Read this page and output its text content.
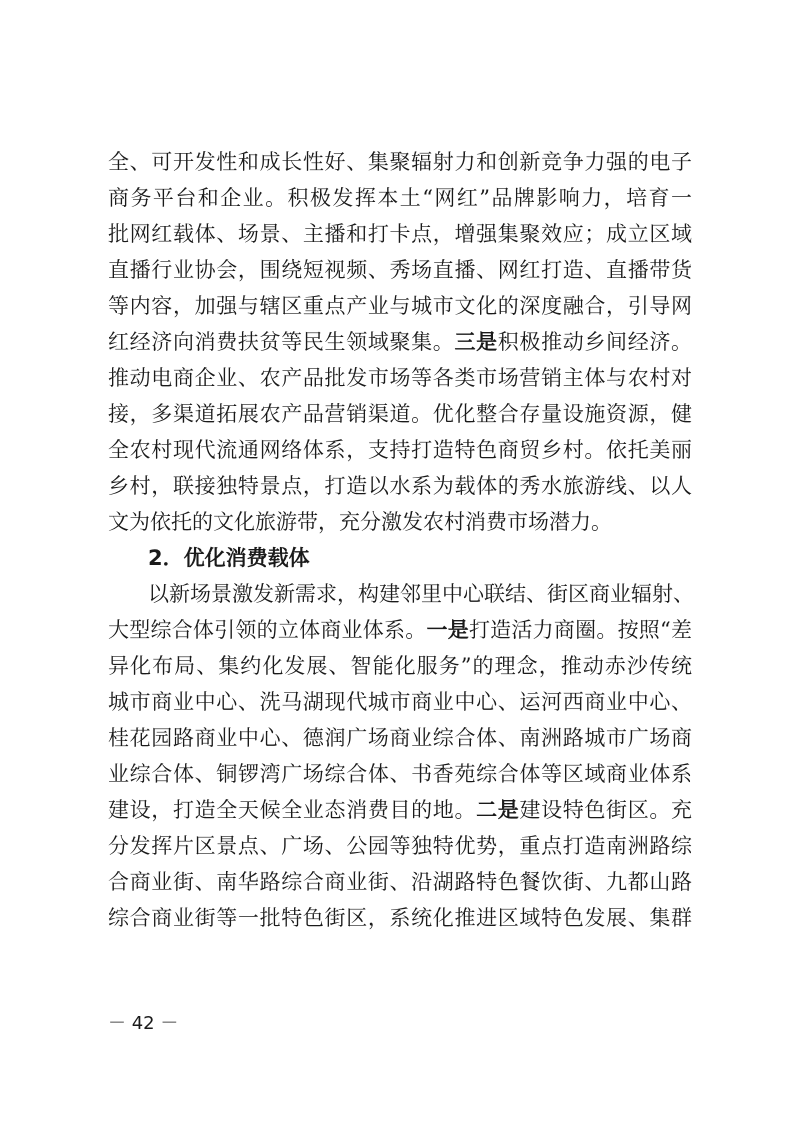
全、可开发性和成长性好、集聚辐射力和创新竞争力强的电子
商务平台和企业。积极发挥本土“网红”品牌影响力，培育一
批网红载体、场景、主播和打卡点，增强集聚效应；成立区域
直播行业协会，围绕短视频、秀场直播、网红打造、直播带货
等内容，加强与辖区重点产业与城市文化的深度融合，引导网
红经济向消费扶贫等民生领域聚集。三是积极推动乡间经济。
推动电商企业、农产品批发市场等各类市场营销主体与农村对
接，多渠道拓展农产品营销渠道。优化整合存量设施资源，健
全农村现代流通网络体系，支持打造特色商贸乡村。依托美丽
乡村，联接独特景点，打造以水系为载体的秀水旅游线、以人
文为依托的文化旅游带，充分激发农村消费市场潜力。
2．优化消费载体
以新场景激发新需求，构建邻里中心联结、街区商业辐射、
大型综合体引领的立体商业体系。一是打造活力商圈。按照“差
异化布局、集约化发展、智能化服务”的理念，推动赤沙传统
城市商业中心、洗马湖现代城市商业中心、运河西商业中心、
桂花园路商业中心、德润广场商业综合体、南洲路城市广场商
业综合体、铜锣湾广场综合体、书香苑综合体等区域商业体系
建设，打造全天候全业态消费目的地。二是建设特色街区。充
分发挥片区景点、广场、公园等独特优势，重点打造南洲路综
合商业街、南华路综合商业街、沿湖路特色餐饮街、九都山路
综合商业街等一批特色街区，系统化推进区域特色发展、集群
－ 42 －
